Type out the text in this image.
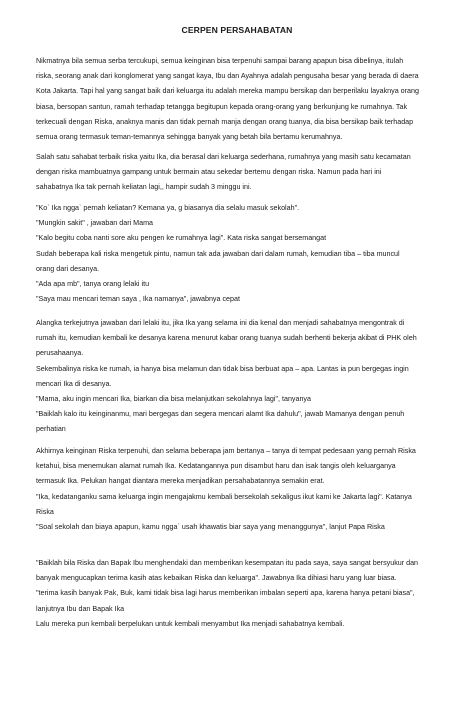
CERPEN PERSAHABATAN
Nikmatnya bila semua serba tercukupi, semua keinginan bisa terpenuhi sampai barang apapun bisa dibelinya, itulah
riska, seorang anak dari konglomerat yang sangat kaya, Ibu dan Ayahnya adalah pengusaha besar yang berada di daera
Kota Jakarta. Tapi hal yang sangat baik dari keluarga itu adalah mereka mampu bersikap dan berperilaku layaknya orang
biasa, bersopan santun, ramah terhadap tetangga begitupun kepada orang-orang yang berkunjung ke rumahnya. Tak
terkecuali dengan Riska, anaknya manis dan tidak pernah manja dengan orang tuanya, dia bisa bersikap baik terhadap
semua orang termasuk teman-temannya sehingga banyak yang betah bila bertamu kerumahnya.
Salah satu sahabat terbaik riska yaitu Ika, dia berasal dari keluarga sederhana, rumahnya yang masih satu kecamatan
dengan riska mambuatnya gampang untuk bermain atau sekedar bertemu dengan riska. Namun pada hari ini
sahabatnya Ika tak pernah keliatan lagi,, hampir sudah 3 minggu ini.
"Ko` Ika ngga` pernah keliatan? Kemana ya, g biasanya dia selalu masuk sekolah".
"Mungkin sakit" , jawaban dari Mama
"Kalo begitu coba nanti sore aku pengen ke rumahnya lagi". Kata riska sangat bersemangat
Sudah beberapa kali riska mengetuk pintu, namun tak ada jawaban dari dalam rumah, kemudian tiba – tiba muncul
orang dari desanya.
"Ada apa mb", tanya orang lelaki itu
"Saya mau mencari teman saya , Ika namanya", jawabnya cepat
Alangka terkejutnya jawaban dari lelaki itu, jika Ika yang selama ini dia kenal dan menjadi sahabatnya mengontrak di
rumah itu, kemudian kembali ke desanya karena menurut kabar orang tuanya sudah berhenti bekerja akibat di PHK oleh
perusahaanya.
Sekembalinya riska ke rumah, ia hanya bisa melamun dan tidak bisa berbuat apa – apa. Lantas ia pun bergegas ingin
mencari Ika di desanya.
"Mama, aku ingin mencari Ika, biarkan dia bisa melanjutkan sekolahnya lagi", tanyanya
"Baiklah kalo itu keinginanmu, mari bergegas dan segera mencari alamt Ika dahulu", jawab Mamanya dengan penuh
perhatian
Akhirnya keinginan Riska terpenuhi, dan selama beberapa jam bertanya – tanya di tempat pedesaan yang pernah Riska
ketahui, bisa menemukan alamat rumah Ika. Kedatangannya pun disambut haru dan isak tangis oleh keluarganya
termasuk Ika. Pelukan hangat diantara mereka menjadikan persahabatannya semakin erat.
"Ika, kedatanganku sama keluarga ingin mengajakmu kembali bersekolah sekaligus ikut kami ke Jakarta lagi". Katanya
Riska
"Soal sekolah dan biaya apapun, kamu ngga` usah khawatis biar saya yang menanggunya", lanjut Papa Riska
"Baiklah bila Riska dan Bapak Ibu menghendaki dan memberikan kesempatan itu pada saya, saya sangat bersyukur dan
banyak mengucapkan terima kasih atas kebaikan Riska dan keluarga". Jawabnya Ika dihiasi haru yang luar biasa.
"terima kasih banyak Pak, Buk, kami tidak bisa lagi harus memberikan imbalan seperti apa, karena hanya petani biasa",
lanjutnya Ibu dan Bapak Ika
Lalu mereka pun kembali berpelukan untuk kembali menyambut Ika menjadi sahabatnya kembali.
